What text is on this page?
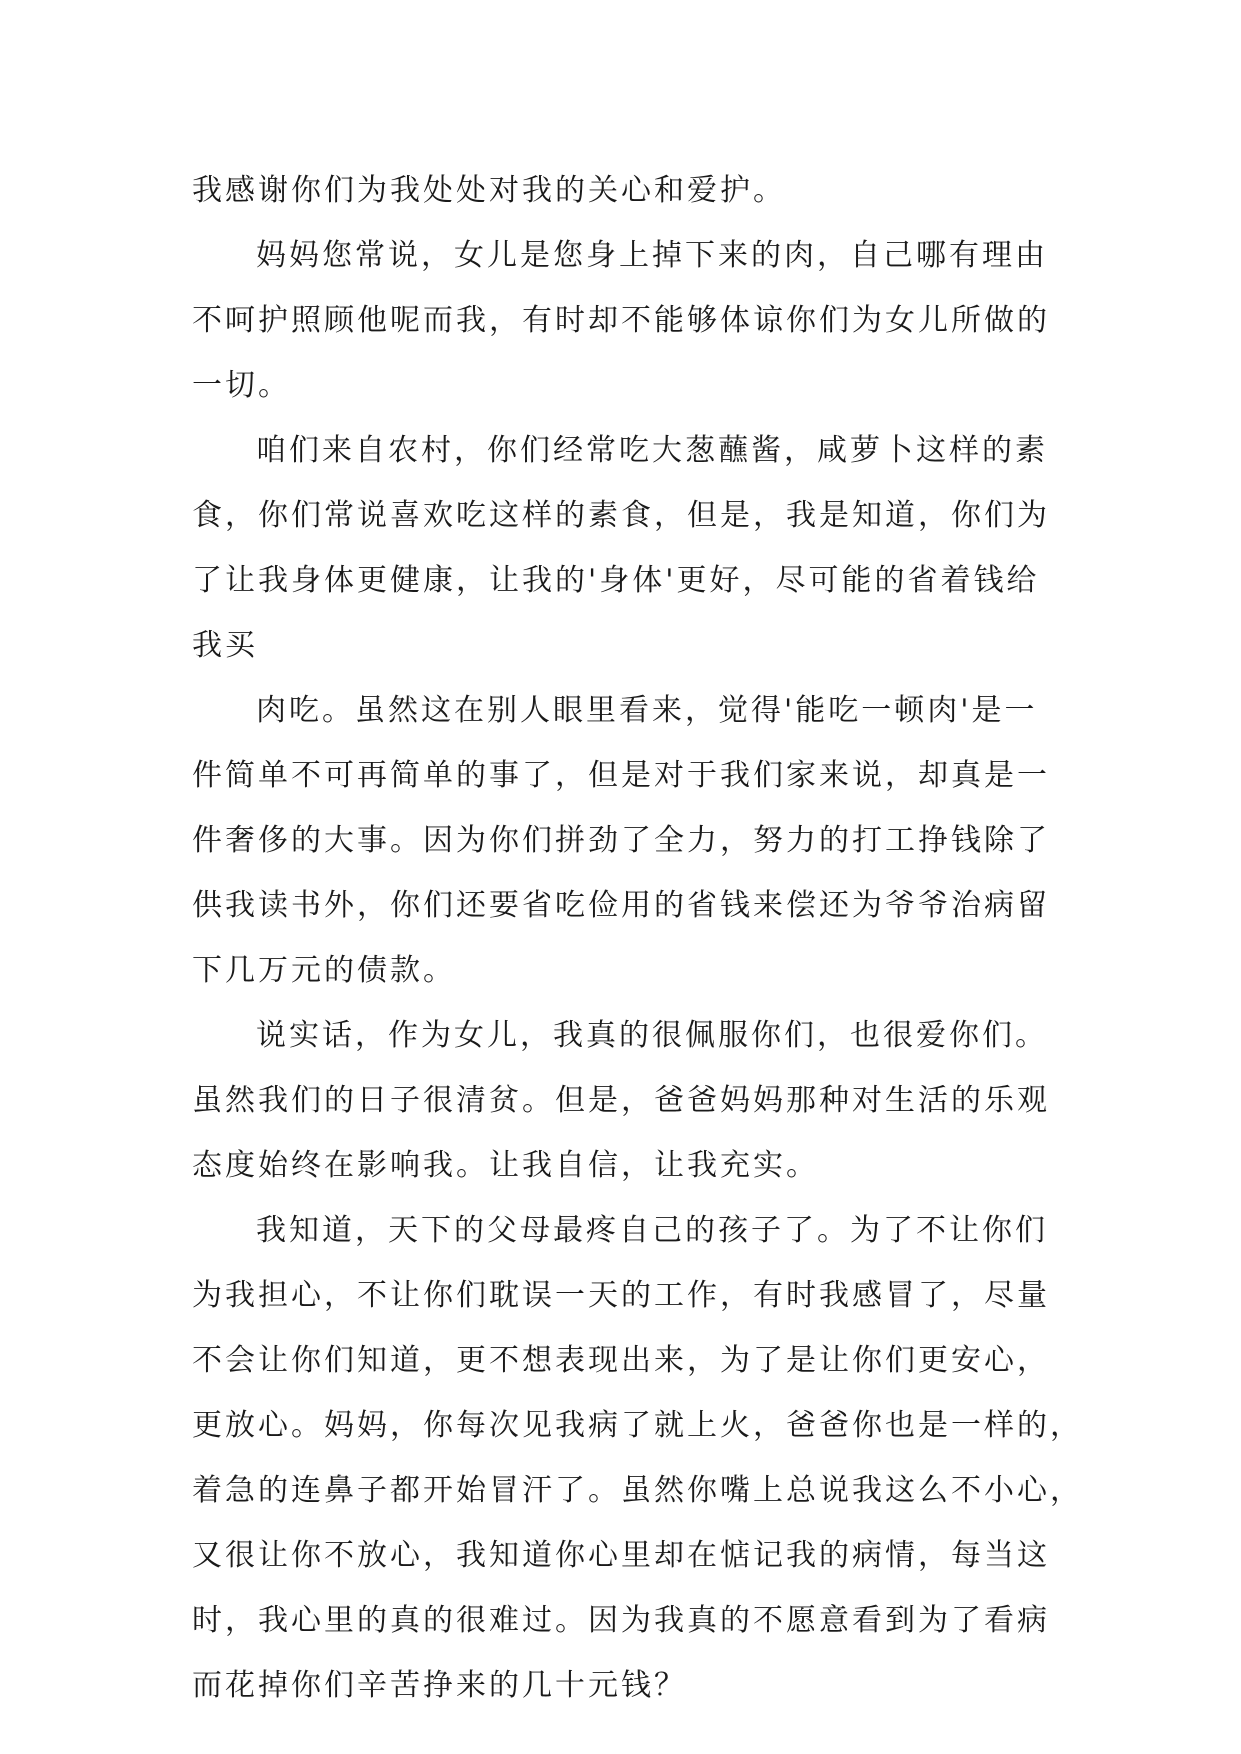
我感谢你们为我处处对我的关心和爱护。
妈妈您常说，女儿是您身上掉下来的肉，自己哪有理由
不呵护照顾他呢而我，有时却不能够体谅你们为女儿所做的
一切。
咱们来自农村，你们经常吃大葱蘸酱，咸萝卜这样的素
食，你们常说喜欢吃这样的素食，但是，我是知道，你们为
了让我身体更健康，让我的'身体'更好，尽可能的省着钱给
我买
肉吃。虽然这在别人眼里看来，觉得'能吃一顿肉'是一
件简单不可再简单的事了，但是对于我们家来说，却真是一
件奢侈的大事。因为你们拼劲了全力，努力的打工挣钱除了
供我读书外，你们还要省吃俭用的省钱来偿还为爷爷治病留
下几万元的债款。
说实话，作为女儿，我真的很佩服你们，也很爱你们。
虽然我们的日子很清贫。但是，爸爸妈妈那种对生活的乐观
态度始终在影响我。让我自信，让我充实。
我知道，天下的父母最疼自己的孩子了。为了不让你们
为我担心，不让你们耽误一天的工作，有时我感冒了，尽量
不会让你们知道，更不想表现出来，为了是让你们更安心，
更放心。妈妈，你每次见我病了就上火，爸爸你也是一样的，
着急的连鼻子都开始冒汗了。虽然你嘴上总说我这么不小心，
又很让你不放心，我知道你心里却在惦记我的病情，每当这
时，我心里的真的很难过。因为我真的不愿意看到为了看病
而花掉你们辛苦挣来的几十元钱？
